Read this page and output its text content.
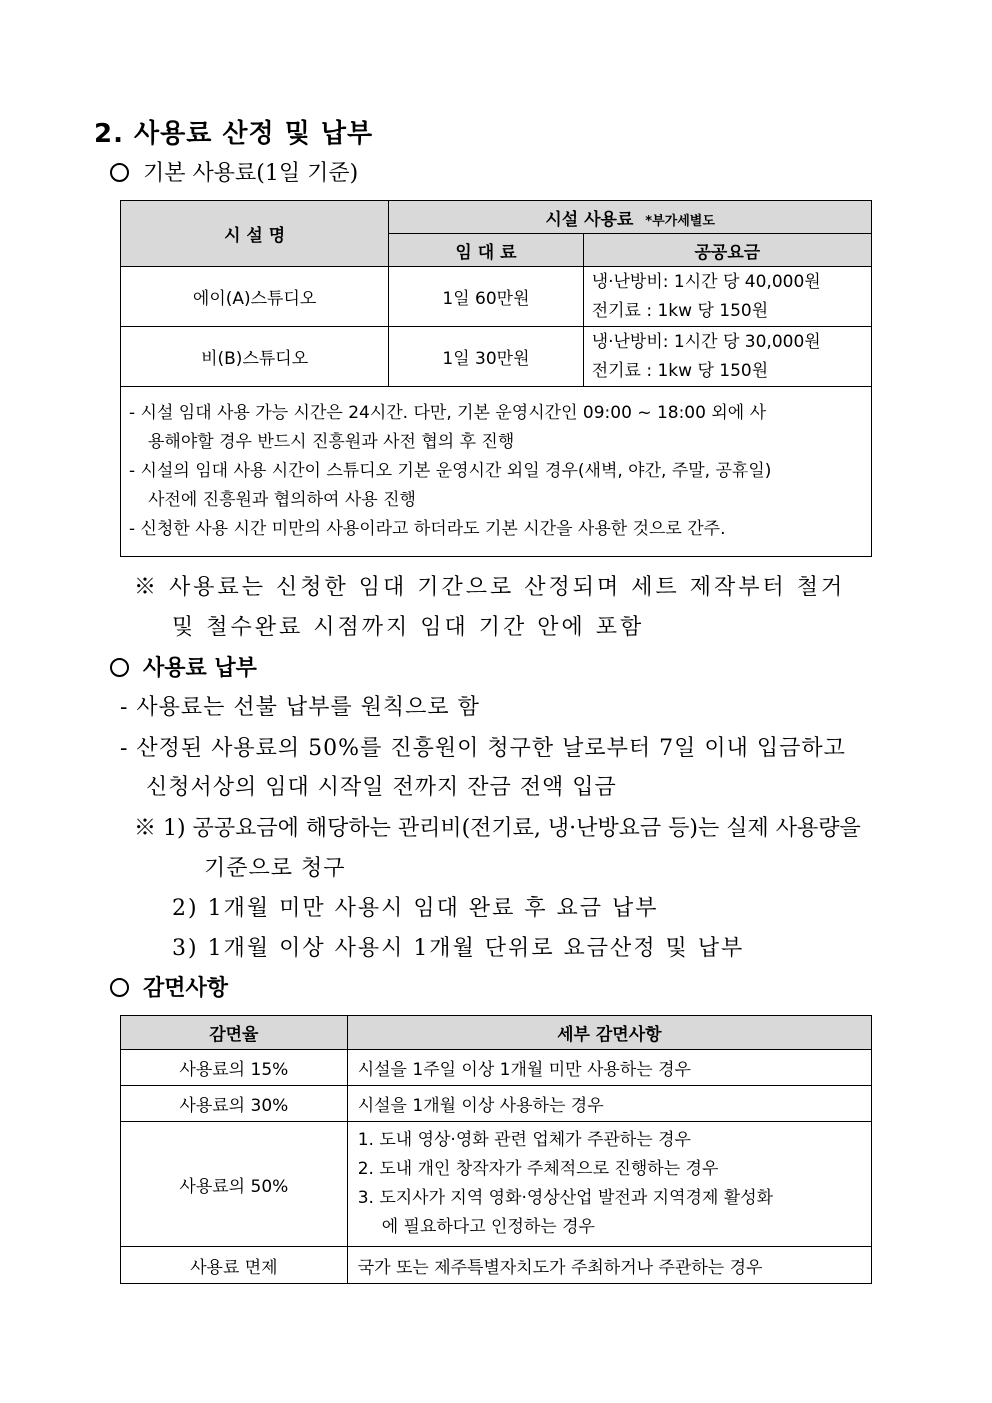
2. 사용료 산정 및 납부
기본 사용료(1일 기준)
시 설 명	시설 사용료 *부가세별도	
	임 대 료	공공요금
에이(A)스튜디오	1일 60만원	냉·난방비: 1시간 당 40,000원
전기료 : 1kw 당 150원

비(B)스튜디오	1일 30만원	냉·난방비: 1시간 당 30,000원
전기료 : 1kw 당 150원

- 시설 임대 사용 가능 시간은 24시간. 다만, 기본 운영시간인 09:00 ~ 18:00 외에 사
용해야할 경우 반드시 진흥원과 사전 협의 후 진행
- 시설의 임대 사용 시간이 스튜디오 기본 운영시간 외일 경우(새벽, 야간, 주말, 공휴일)
사전에 진흥원과 협의하여 사용 진행
- 신청한 사용 시간 미만의 사용이라고 하더라도 기본 시간을 사용한 것으로 간주.		
※ 사용료는 신청한 임대 기간으로 산정되며 세트 제작부터 철거
및 철수완료 시점까지 임대 기간 안에 포함
사용료 납부
- 사용료는 선불 납부를 원칙으로 함
- 산정된 사용료의 50%를 진흥원이 청구한 날로부터 7일 이내 입금하고
신청서상의 임대 시작일 전까지 잔금 전액 입금
※ 1) 공공요금에 해당하는 관리비(전기료, 냉·난방요금 등)는 실제 사용량을
기준으로 청구
2) 1개월 미만 사용시 임대 완료 후 요금 납부
3) 1개월 이상 사용시 1개월 단위로 요금산정 및 납부
감면사항
감면율	세부 감면사항
사용료의 15%	시설을 1주일 이상 1개월 미만 사용하는 경우
사용료의 30%	시설을 1개월 이상 사용하는 경우
사용료의 50%	1. 도내 영상·영화 관련 업체가 주관하는 경우
2. 도내 개인 창작자가 주체적으로 진행하는 경우
3. 도지사가 지역 영화·영상산업 발전과 지역경제 활성화
에 필요하다고 인정하는 경우

사용료 면제	국가 또는 제주특별자치도가 주최하거나 주관하는 경우
